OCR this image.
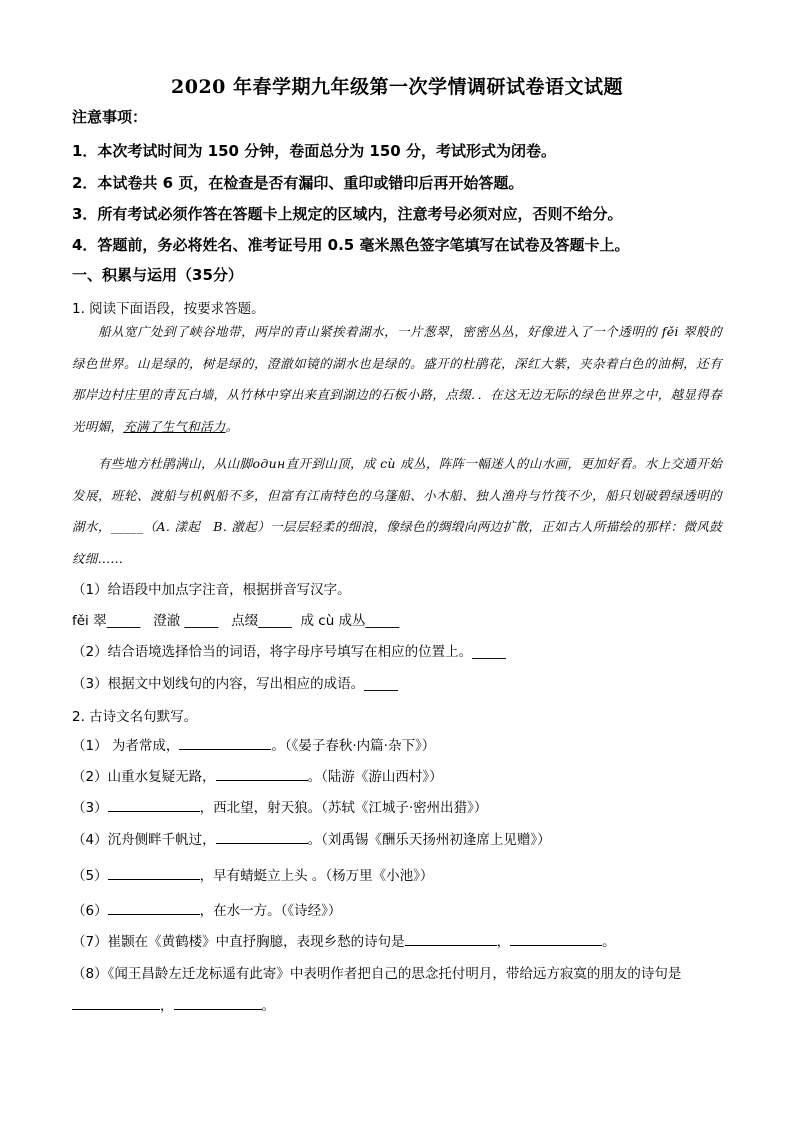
2020 年春学期九年级第一次学情调研试卷语文试题
注意事项：
1．本次考试时间为 150 分钟，卷面总分为 150 分，考试形式为闭卷。
2．本试卷共 6 页，在检查是否有漏印、重印或错印后再开始答题。
3．所有考试必须作答在答题卡上规定的区域内，注意考号必须对应，否则不给分。
4．答题前，务必将姓名、准考证号用 0.5 毫米黑色签字笔填写在试卷及答题卡上。
一、积累与运用（35分）
1. 阅读下面语段，按要求答题。
船从宽广处到了峡谷地带，两岸的青山紧挨着湖水，一片葱翠，密密丛丛，好像进入了一个透明的 fěi 翠般的绿色世界。山是绿的，树是绿的，澄澈如镜的湖水也是绿的。盛开的杜鹃花，深红大紫，夹杂着白色的油桐，还有那岸边村庄里的青瓦白墙，从竹林中穿出来直到湖边的石板小路，点缀．．在这无边无际的绿色世界之中，越显得春光明媚，充满了生气和活力。
有些地方杜鹃满山，从山脚один直开到山顶，成 cù 成丛，阵阵一幅迷人的山水画，更加好看。水上交通开始发展，班轮、渡船与机帆船不多，但富有江南特色的乌篷船、小木船、独人渔舟与竹筏不少，船只划破碧绿透明的湖水，_____（A. 漾起　B. 激起）一层层轻柔的细浪，像绿色的绸缎向两边扩散，正如古人所描绘的那样：微风鼓纹细……
（1）给语段中加点字注音，根据拼音写汉字。
fěi 翠_____ 澄澈 _____ 点缀_____ 成 cù 成丛_____
（2）结合语境选择恰当的词语，将字母序号填写在相应的位置上。_____
（3）根据文中划线句的内容，写出相应的成语。_____
2. 古诗文名句默写。
（1） 为者常成，	。（《晏子春秋·内篇·杂下》）
（2）山重水复疑无路，	。（陆游《游山西村》）
（3）	，西北望，射天狼。（苏轼《江城子·密州出猎》）
（4）沉舟侧畔千帆过，	。（刘禹锡《酬乐天扬州初逢席上见赠》）
（5）	，早有蜻蜓立上头 。（杨万里《小池》）
（6）	，在水一方。（《诗经》）
（7）崔颢在《黄鹤楼》中直抒胸臆，表现乡愁的诗句是	，	。
（8）《闻王昌龄左迁龙标遥有此寄》中表明作者把自己的思念托付明月，带给远方寂寞的朋友的诗句是
，	。
